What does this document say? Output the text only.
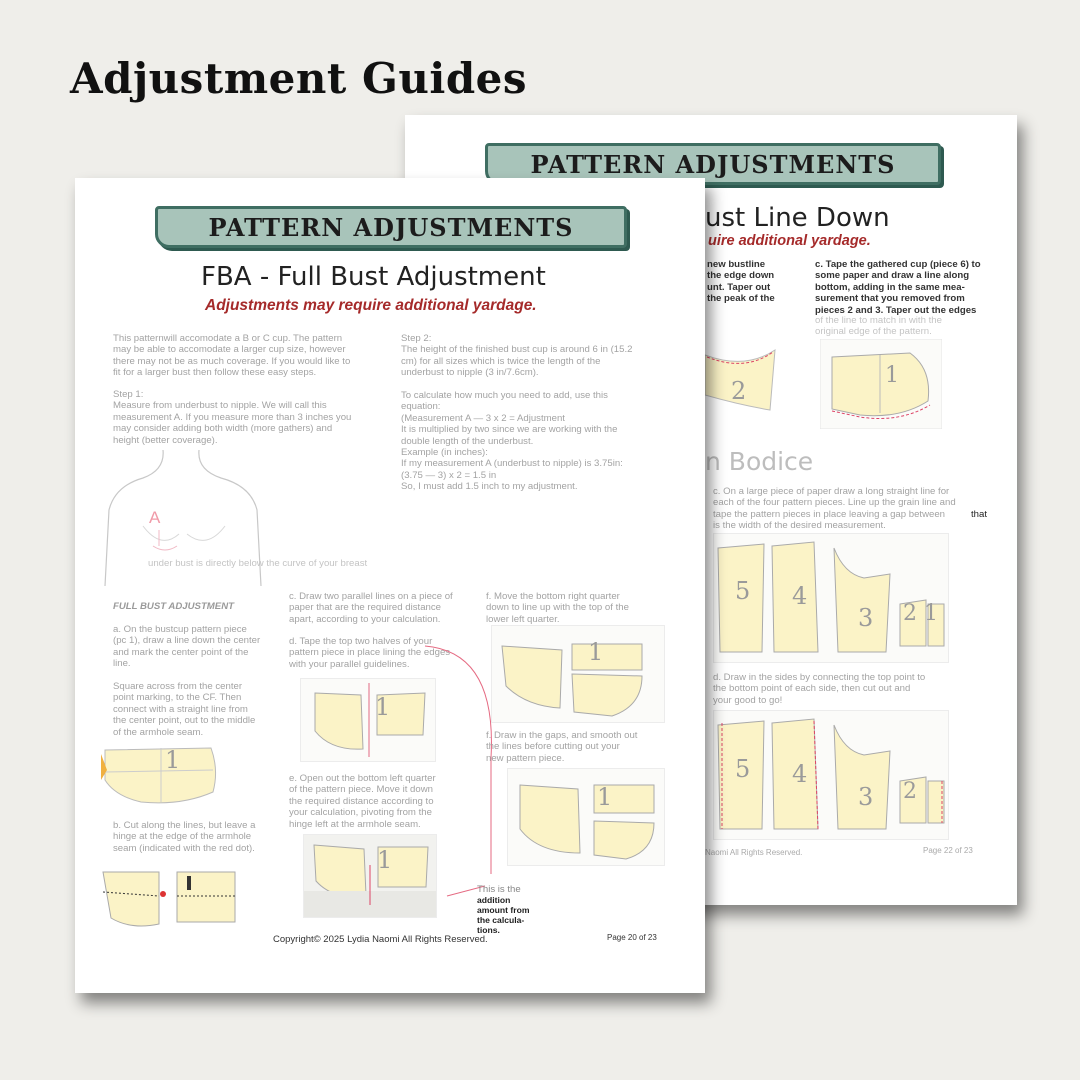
Adjustment Guides
PATTERN ADJUSTMENTS
ust Line Down
uire additional yardage.
new bustline
the edge down
unt. Taper out
the peak of the
c. Tape the gathered cup (piece 6) to
some paper and draw a line along
bottom, adding in the same mea-
surement that you removed from
pieces 2 and 3. Taper out the edges
of the line to match in with the
original edge of the pattern.
2
1
n Bodice
c. On a large piece of paper draw a long straight line for
each of the four pattern pieces. Line up the grain line and
tape the pattern pieces in place leaving a gap between	that
is the width of the desired measurement.
5 4
3 2 1
d. Draw in the sides by connecting the top point to
the bottom point of each side, then cut out and
your good to go!
5 4
3 2
Naomi All Rights Reserved.	Page 22 of 23
PATTERN ADJUSTMENTS
FBA - Full Bust Adjustment
Adjustments may require additional yardage.
This patternwill accomodate a B or C cup. The pattern
may be able to accomodate a larger cup size, however
there may not be as much coverage. If you would like to
fit for a larger bust then follow these easy steps.
Step 1:
Measure from underbust to nipple. We will call this
measurement A. If you measure more than 3 inches you
may consider adding both width (more gathers) and
height (better coverage).
Step 2:
The height of the finished bust cup is around 6 in (15.2
cm) for all sizes which is twice the length of the
underbust to nipple (3 in/7.6cm).

To calculate how much you need to add, use this
equation:
(Measurement A — 3 x 2 = Adjustment
It is multiplied by two since we are working with the
double length of the underbust.
Example (in inches):
If my measurement A (underbust to nipple) is 3.75in:
(3.75 — 3) x 2 = 1.5 in
So, I must add 1.5 inch to my adjustment.
A
under bust is directly below the curve of your breast
FULL BUST ADJUSTMENT
a. On the bustcup pattern piece
(pc 1), draw a line down the center
and mark the center point of the
line.

Square across from the center
point marking, to the CF. Then
connect with a straight line from
the center point, out to the middle
of the armhole seam.
1
b. Cut along the lines, but leave a
hinge at the edge of the armhole
seam (indicated with the red dot).
c. Draw two parallel lines on a piece of
paper that are the required distance
apart, according to your calculation.
d. Tape the top two halves of your
pattern piece in place lining the edges
with your parallel guidelines.
1
e. Open out the bottom left quarter
of the pattern piece. Move it down
the required distance according to
your calculation, pivoting from the
hinge left at the armhole seam.
1
This is the
addition
amount from
the calcula-
tions.
f. Move the bottom right quarter
down to line up with the top of the
lower left quarter.
1
f. Draw in the gaps, and smooth out
the lines before cutting out your
new pattern piece.
1
Copyright© 2025 Lydia Naomi All Rights Reserved.	Page 20 of 23
